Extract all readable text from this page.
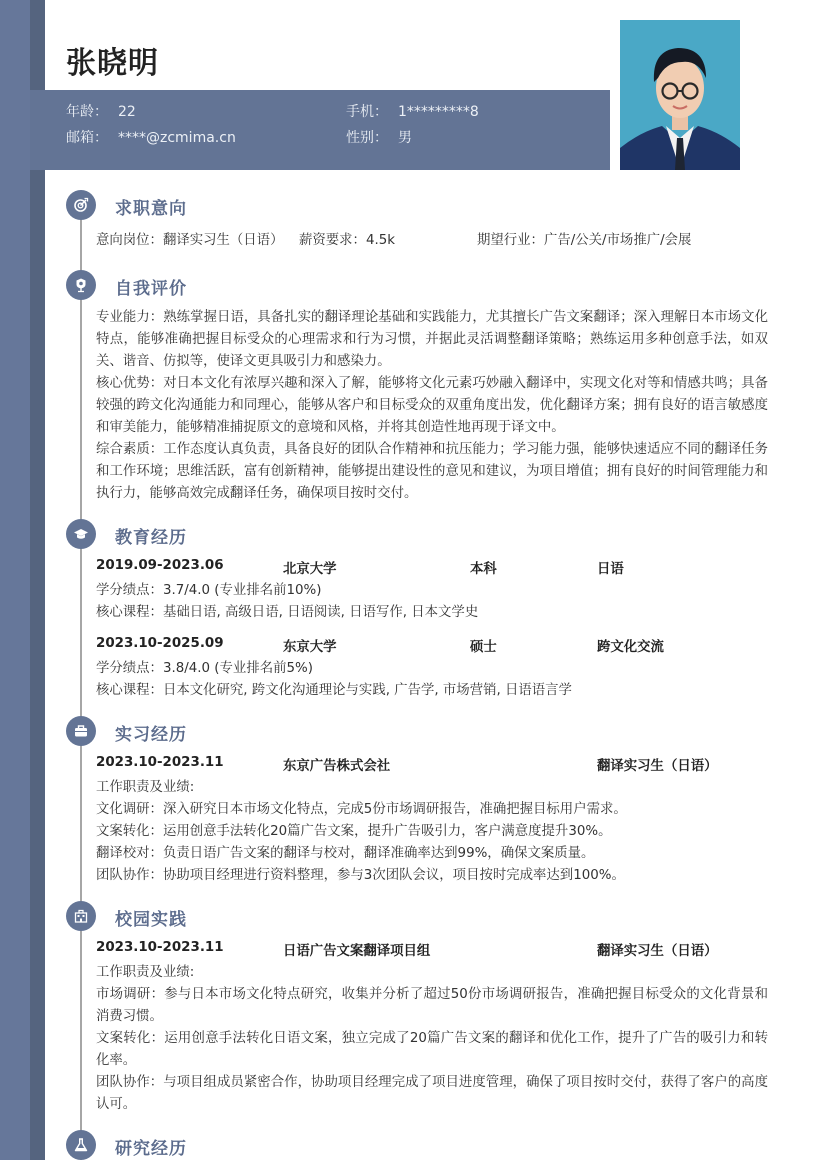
张晓明
年龄： 22	手机： 1*********8
邮箱： ****@zcmima.cn	性别： 男
求职意向
意向岗位：翻译实习生（日语） 薪资要求：4.5k	期望行业：广告/公关/市场推广/会展
自我评价
专业能力：熟练掌握日语，具备扎实的翻译理论基础和实践能力，尤其擅长广告文案翻译；深入理解日本市场文化特点，能够准确把握目标受众的心理需求和行为习惯，并据此灵活调整翻译策略；熟练运用多种创意手法，如双关、谐音、仿拟等，使译文更具吸引力和感染力。
核心优势：对日本文化有浓厚兴趣和深入了解，能够将文化元素巧妙融入翻译中，实现文化对等和情感共鸣；具备较强的跨文化沟通能力和同理心，能够从客户和目标受众的双重角度出发，优化翻译方案；拥有良好的语言敏感度和审美能力，能够精准捕捉原文的意境和风格，并将其创造性地再现于译文中。
综合素质：工作态度认真负责，具备良好的团队合作精神和抗压能力；学习能力强，能够快速适应不同的翻译任务和工作环境；思维活跃，富有创新精神，能够提出建设性的意见和建议，为项目增值；拥有良好的时间管理能力和执行力，能够高效完成翻译任务，确保项目按时交付。
教育经历
2019.09-2023.06	北京大学	本科	日语
学分绩点：3.7/4.0 (专业排名前10%)
核心课程：基础日语, 高级日语, 日语阅读, 日语写作, 日本文学史
2023.10-2025.09	东京大学	硕士	跨文化交流
学分绩点：3.8/4.0 (专业排名前5%)
核心课程：日本文化研究, 跨文化沟通理论与实践, 广告学, 市场营销, 日语语言学
实习经历
2023.10-2023.11	东京广告株式会社	翻译实习生（日语）
工作职责及业绩:
文化调研：深入研究日本市场文化特点，完成5份市场调研报告，准确把握目标用户需求。
文案转化：运用创意手法转化20篇广告文案，提升广告吸引力，客户满意度提升30%。
翻译校对：负责日语广告文案的翻译与校对，翻译准确率达到99%，确保文案质量。
团队协作：协助项目经理进行资料整理，参与3次团队会议，项目按时完成率达到100%。
校园实践
2023.10-2023.11	日语广告文案翻译项目组	翻译实习生（日语）
工作职责及业绩:
市场调研：参与日本市场文化特点研究，收集并分析了超过50份市场调研报告，准确把握目标受众的文化背景和消费习惯。
文案转化：运用创意手法转化日语文案，独立完成了20篇广告文案的翻译和优化工作，提升了广告的吸引力和转化率。
团队协作：与项目组成员紧密合作，协助项目经理完成了项目进度管理，确保了项目按时交付，获得了客户的高度认可。
研究经历
